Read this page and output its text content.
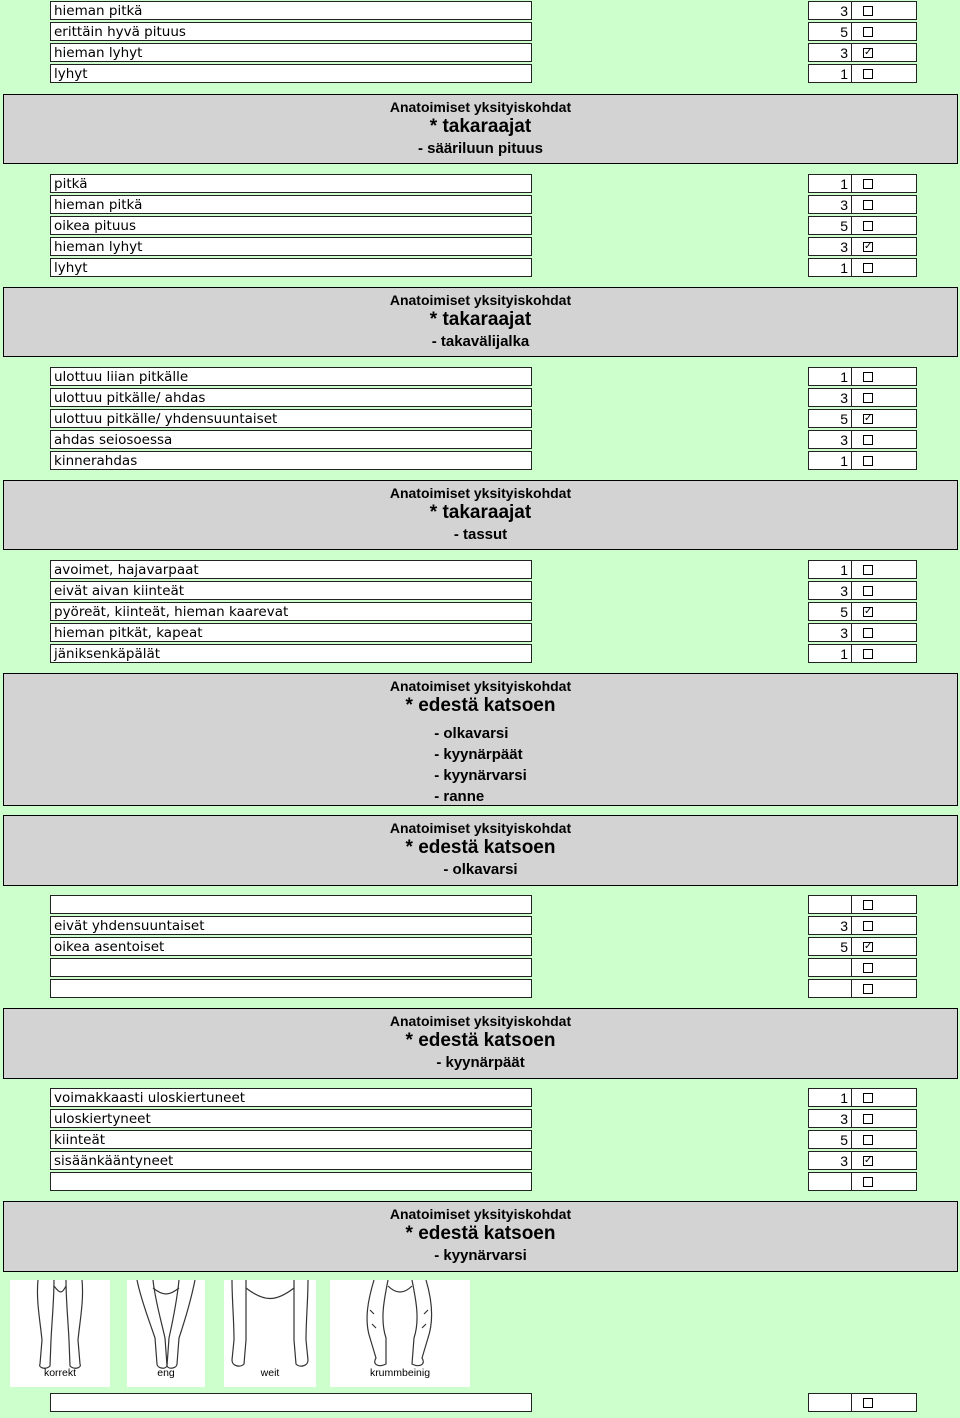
hieman pitkä	3
erittäin hyvä pituus	5
hieman lyhyt	3	✓
lyhyt	1
Anatoimiset yksityiskohdat
* takaraajat
- sääriluun pituus
pitkä	1
hieman pitkä	3
oikea pituus	5
hieman lyhyt	3	✓
lyhyt	1
Anatoimiset yksityiskohdat
* takaraajat
- takavälijalka
ulottuu liian pitkälle	1
ulottuu pitkälle/ ahdas	3
ulottuu pitkälle/ yhdensuuntaiset	5	✓
ahdas seiosoessa	3
kinnerahdas	1
Anatoimiset yksityiskohdat
* takaraajat
- tassut
avoimet, hajavarpaat	1
eivät aivan kiinteät	3
pyöreät, kiinteät, hieman kaarevat	5	✓
hieman pitkät, kapeat	3
jäniksenkäpälät	1
Anatoimiset yksityiskohdat
* edestä katsoen
- olkavarsi
- kyynärpäät
- kyynärvarsi
- ranne
Anatoimiset yksityiskohdat
* edestä katsoen
- olkavarsi
eivät yhdensuuntaiset	3
oikea asentoiset	5	✓
Anatoimiset yksityiskohdat
* edestä katsoen
- kyynärpäät
voimakkaasti uloskiertuneet	1
uloskiertyneet	3
kiinteät	5
sisäänkääntyneet	3	✓
Anatoimiset yksityiskohdat
* edestä katsoen
- kyynärvarsi
korrekt	eng	weit	krummbeinig
